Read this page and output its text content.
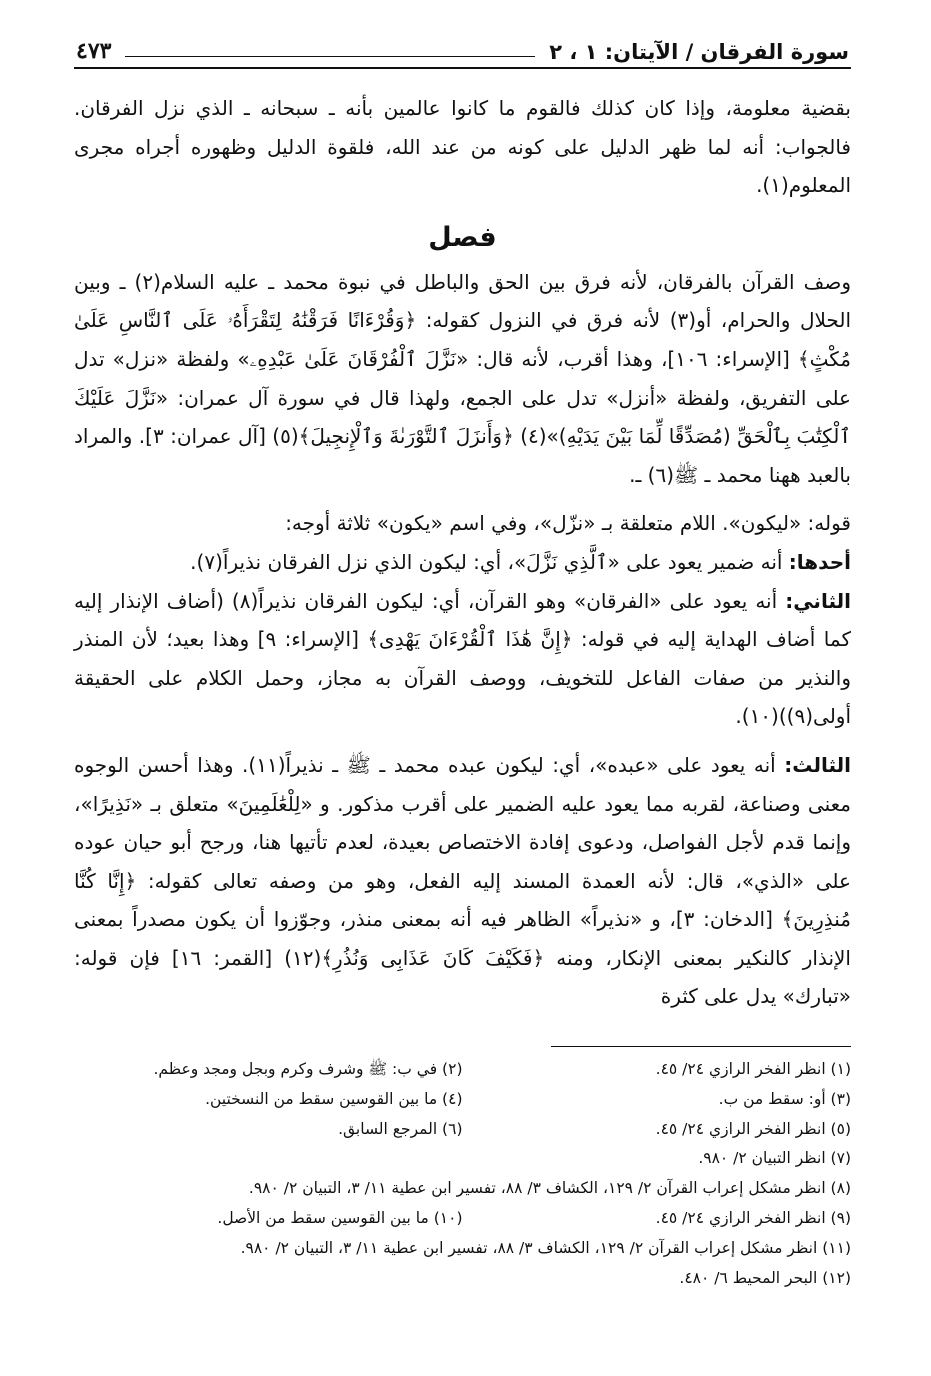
سورة الفرقان / الآيتان: ١ ، ٢
٤٧٣

بقضية معلومة، وإذا كان كذلك فالقوم ما كانوا عالمين بأنه ـ سبحانه ـ الذي نزل الفرقان. فالجواب: أنه لما ظهر الدليل على كونه من عند الله، فلقوة الدليل وظهوره أجراه مجرى المعلوم(١).

فصل

وصف القرآن بالفرقان، لأنه فرق بين الحق والباطل في نبوة محمد ـ عليه السلام(٢) ـ وبين الحلال والحرام، أو(٣) لأنه فرق في النزول كقوله: ﴿وَقُرْءَانًا فَرَقْنَٰهُ لِتَقْرَأَهُۥ عَلَى ٱلنَّاسِ عَلَىٰ مُكْثٍ﴾ [الإسراء: ١٠٦]، وهذا أقرب، لأنه قال: «نَزَّلَ ٱلْفُرْقَانَ عَلَىٰ عَبْدِهِۦ» ولفظة «نزل» تدل على التفريق، ولفظة «أنزل» تدل على الجمع، ولهذا قال في سورة آل عمران: «نَزَّلَ عَلَيْكَ ٱلْكِتَٰبَ بِٱلْحَقِّ (مُصَدِّقًا لِّمَا بَيْنَ يَدَيْهِ)»(٤) ﴿وَأَنزَلَ ٱلتَّوْرَىٰةَ وَٱلْإِنجِيلَ﴾(٥) [آل عمران: ٣]. والمراد بالعبد ههنا محمد ـ ﷺ(٦) ـ.

قوله: «ليكون». اللام متعلقة بـ «نزّل»، وفي اسم «يكون» ثلاثة أوجه:

أحدها: أنه ضمير يعود على «ٱلَّذِي نَزَّلَ»، أي: ليكون الذي نزل الفرقان نذيراً(٧).

الثاني: أنه يعود على «الفرقان» وهو القرآن، أي: ليكون الفرقان نذيراً(٨) (أضاف الإنذار إليه كما أضاف الهداية إليه في قوله: ﴿إِنَّ هَٰذَا ٱلْقُرْءَانَ يَهْدِى﴾ [الإسراء: ٩] وهذا بعيد؛ لأن المنذر والنذير من صفات الفاعل للتخويف، ووصف القرآن به مجاز، وحمل الكلام على الحقيقة أولى(٩))(١٠).

الثالث: أنه يعود على «عبده»، أي: ليكون عبده محمد ـ ﷺ ـ نذيراً(١١). وهذا أحسن الوجوه معنى وصناعة، لقربه مما يعود عليه الضمير على أقرب مذكور. و «لِلْعَٰلَمِينَ» متعلق بـ «نَذِيرًا»، وإنما قدم لأجل الفواصل، ودعوى إفادة الاختصاص بعيدة، لعدم تأتيها هنا، ورجح أبو حيان عوده على «الذي»، قال: لأنه العمدة المسند إليه الفعل، وهو من وصفه تعالى كقوله: ﴿إِنَّا كُنَّا مُنذِرِينَ﴾ [الدخان: ٣]، و «نذيراً» الظاهر فيه أنه بمعنى منذر، وجوّزوا أن يكون مصدراً بمعنى الإنذار كالنكير بمعنى الإنكار، ومنه ﴿فَكَيْفَ كَانَ عَذَابِى وَنُذُرِ﴾(١٢) [القمر: ١٦] فإن قوله: «تبارك» يدل على كثرة

(١) انظر الفخر الرازي ٢٤/ ٤٥.
(٢) في ب: ﷺ وشرف وكرم وبجل ومجد وعظم.
(٣) أو: سقط من ب.
(٤) ما بين القوسين سقط من النسختين.
(٥) انظر الفخر الرازي ٢٤/ ٤٥.
(٦) المرجع السابق.
(٧) انظر التبيان ٢/ ٩٨٠.
(٨) انظر مشكل إعراب القرآن ٢/ ١٢٩، الكشاف ٣/ ٨٨، تفسير ابن عطية ١١/ ٣، التبيان ٢/ ٩٨٠.
(٩) انظر الفخر الرازي ٢٤/ ٤٥.
(١٠) ما بين القوسين سقط من الأصل.
(١١) انظر مشكل إعراب القرآن ٢/ ١٢٩، الكشاف ٣/ ٨٨، تفسير ابن عطية ١١/ ٣، التبيان ٢/ ٩٨٠.
(١٢) البحر المحيط ٦/ ٤٨٠.
